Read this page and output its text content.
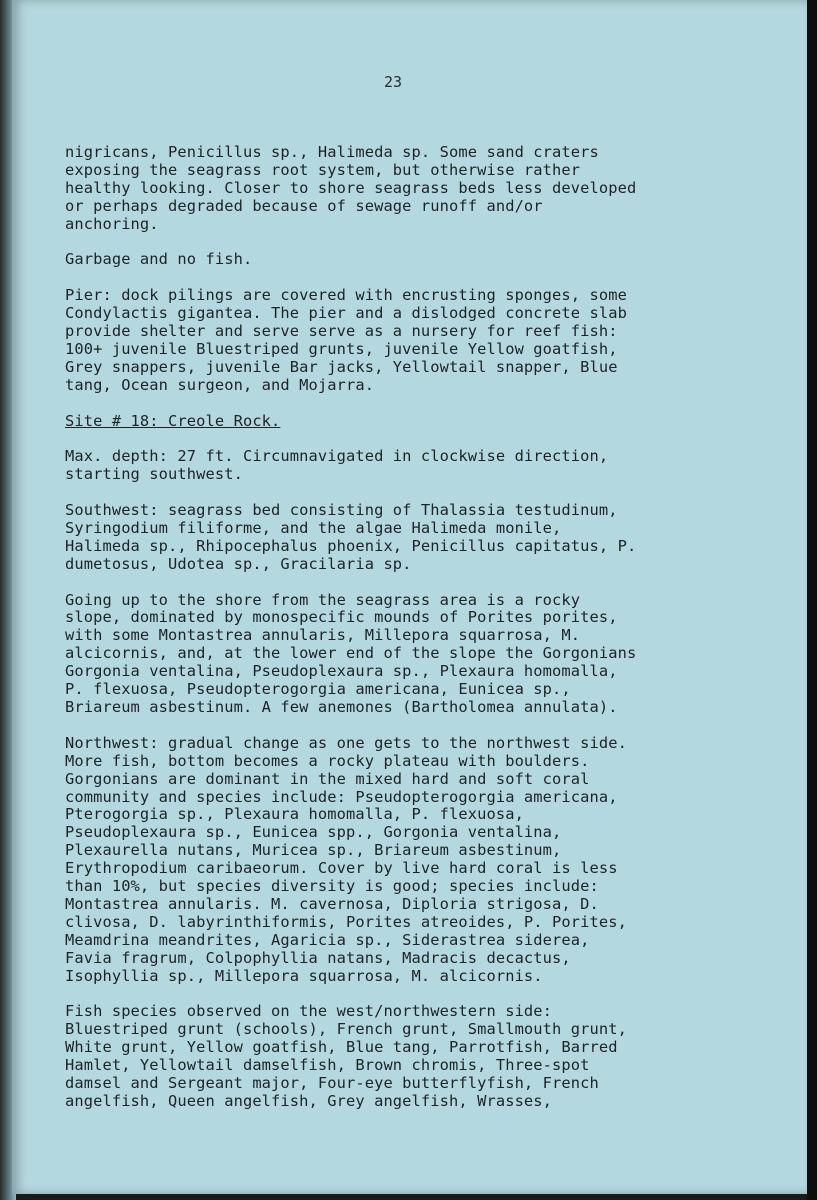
23

nigricans, Penicillus sp., Halimeda sp. Some sand craters
exposing the seagrass root system, but otherwise rather
healthy looking. Closer to shore seagrass beds less developed
or perhaps degraded because of sewage runoff and/or
anchoring.

Garbage and no fish.

Pier: dock pilings are covered with encrusting sponges, some
Condylactis gigantea. The pier and a dislodged concrete slab
provide shelter and serve serve as a nursery for reef fish:
100+ juvenile Bluestriped grunts, juvenile Yellow goatfish,
Grey snappers, juvenile Bar jacks, Yellowtail snapper, Blue
tang, Ocean surgeon, and Mojarra.

Site # 18: Creole Rock.

Max. depth: 27 ft. Circumnavigated in clockwise direction,
starting southwest.

Southwest: seagrass bed consisting of Thalassia testudinum,
Syringodium filiforme, and the algae Halimeda monile,
Halimeda sp., Rhipocephalus phoenix, Penicillus capitatus, P.
dumetosus, Udotea sp., Gracilaria sp.

Going up to the shore from the seagrass area is a rocky
slope, dominated by monospecific mounds of Porites porites,
with some Montastrea annularis, Millepora squarrosa, M.
alcicornis, and, at the lower end of the slope the Gorgonians
Gorgonia ventalina, Pseudoplexaura sp., Plexaura homomalla,
P. flexuosa, Pseudopterogorgia americana, Eunicea sp.,
Briareum asbestinum. A few anemones (Bartholomea annulata).

Northwest: gradual change as one gets to the northwest side.
More fish, bottom becomes a rocky plateau with boulders.
Gorgonians are dominant in the mixed hard and soft coral
community and species include: Pseudopterogorgia americana,
Pterogorgia sp., Plexaura homomalla, P. flexuosa,
Pseudoplexaura sp., Eunicea spp., Gorgonia ventalina,
Plexaurella nutans, Muricea sp., Briareum asbestinum,
Erythropodium caribaeorum. Cover by live hard coral is less
than 10%, but species diversity is good; species include:
Montastrea annularis. M. cavernosa, Diploria strigosa, D.
clivosa, D. labyrinthiformis, Porites atreoides, P. Porites,
Meamdrina meandrites, Agaricia sp., Siderastrea siderea,
Favia fragrum, Colpophyllia natans, Madracis decactus,
Isophyllia sp., Millepora squarrosa, M. alcicornis.

Fish species observed on the west/northwestern side:
Bluestriped grunt (schools), French grunt, Smallmouth grunt,
White grunt, Yellow goatfish, Blue tang, Parrotfish, Barred
Hamlet, Yellowtail damselfish, Brown chromis, Three-spot
damsel and Sergeant major, Four-eye butterflyfish, French
angelfish, Queen angelfish, Grey angelfish, Wrasses,
